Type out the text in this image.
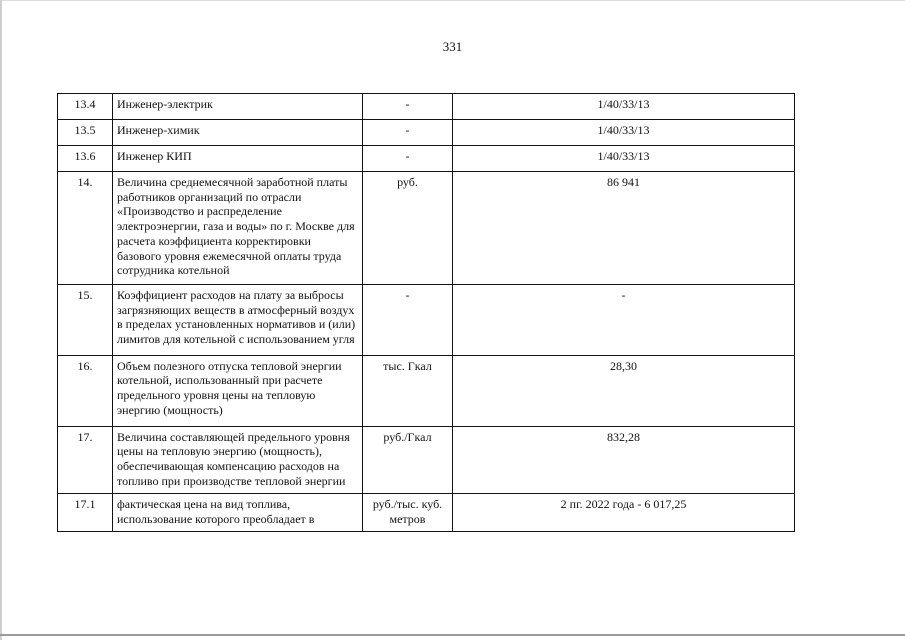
331
13.4	Инженер-электрик	-	1/40/33/13
13.5	Инженер-химик	-	1/40/33/13
13.6	Инженер КИП	-	1/40/33/13
14.	Величина среднемесячной заработной платы работников организаций по отрасли «Производство и распределение электроэнергии, газа и воды» по г. Москве для расчета коэффициента корректировки базового уровня ежемесячной оплаты труда сотрудника котельной	руб.	86 941
15.	Коэффициент расходов на плату за выбросы загрязняющих веществ в атмосферный воздух в пределах установленных нормативов и (или) лимитов для котельной с использованием угля	-	-
16.	Объем полезного отпуска тепловой энергии котельной, использованный при расчете предельного уровня цены на тепловую энергию (мощность)	тыс. Гкал	28,30
17.	Величина составляющей предельного уровня цены на тепловую энергию (мощность), обеспечивающая компенсацию расходов на топливо при производстве тепловой энергии	руб./Гкал	832,28
17.1	фактическая цена на вид топлива, использование которого преобладает в	руб./тыс. куб. метров	2 пг. 2022 года - 6 017,25
